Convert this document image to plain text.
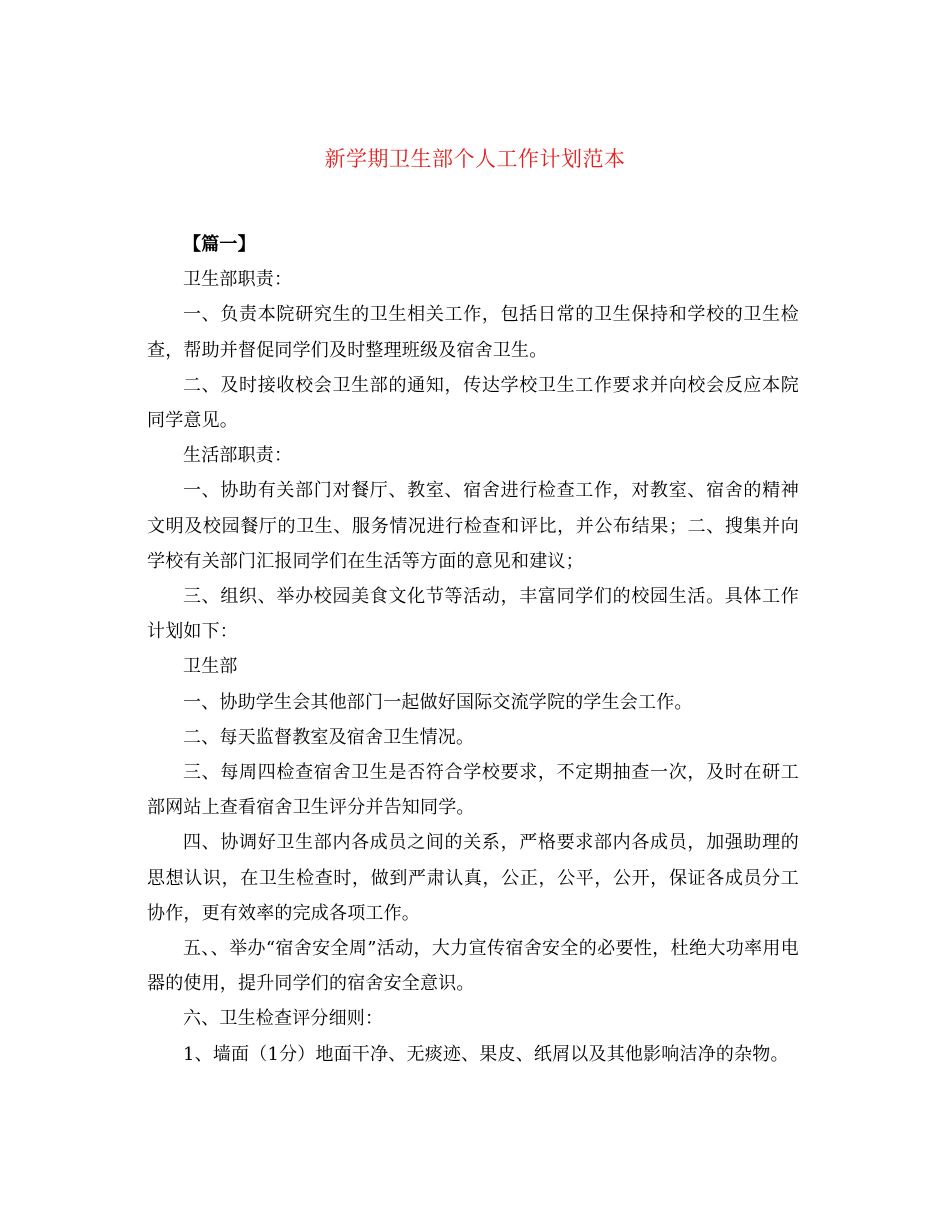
新学期卫生部个人工作计划范本

【篇一】

卫生部职责：

一、负责本院研究生的卫生相关工作，包括日常的卫生保持和学校的卫生检查，帮助并督促同学们及时整理班级及宿舍卫生。

二、及时接收校会卫生部的通知，传达学校卫生工作要求并向校会反应本院同学意见。

生活部职责：

一、协助有关部门对餐厅、教室、宿舍进行检查工作，对教室、宿舍的精神文明及校园餐厅的卫生、服务情况进行检查和评比，并公布结果；二、搜集并向学校有关部门汇报同学们在生活等方面的意见和建议；

三、组织、举办校园美食文化节等活动，丰富同学们的校园生活。具体工作计划如下：

卫生部

一、协助学生会其他部门一起做好国际交流学院的学生会工作。

二、每天监督教室及宿舍卫生情况。

三、每周四检查宿舍卫生是否符合学校要求，不定期抽查一次，及时在研工部网站上查看宿舍卫生评分并告知同学。

四、协调好卫生部内各成员之间的关系，严格要求部内各成员，加强助理的思想认识，在卫生检查时，做到严肃认真，公正，公平，公开，保证各成员分工协作，更有效率的完成各项工作。

五、、举办“宿舍安全周”活动，大力宣传宿舍安全的必要性，杜绝大功率用电器的使用，提升同学们的宿舍安全意识。

六、卫生检查评分细则：

1、墙面（1分）地面干净、无痰迹、果皮、纸屑以及其他影响洁净的杂物。
